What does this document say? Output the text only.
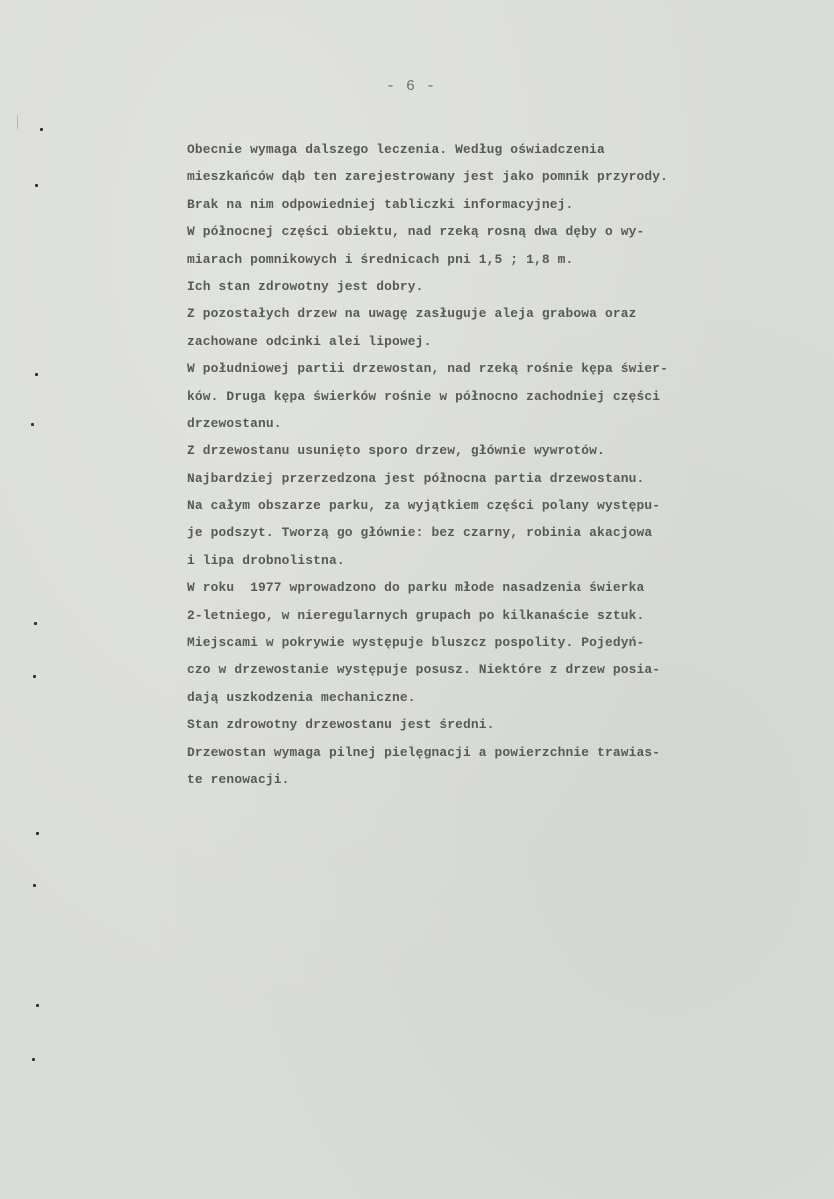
- 6 -
Obecnie wymaga dalszego leczenia. Według oświadczenia
mieszkańców dąb ten zarejestrowany jest jako pomnik przyrody.
Brak na nim odpowiedniej tabliczki informacyjnej.
W północnej części obiektu, nad rzeką rosną dwa dęby o wy-
miarach pomnikowych i średnicach pni 1,5 ; 1,8 m.
Ich stan zdrowotny jest dobry.
Z pozostałych drzew na uwagę zasługuje aleja grabowa oraz
zachowane odcinki alei lipowej.
W południowej partii drzewostan, nad rzeką rośnie kępa świer-
ków. Druga kępa świerków rośnie w północno zachodniej części
drzewostanu.
Z drzewostanu usunięto sporo drzew, głównie wywrotów.
Najbardziej przerzedzona jest północna partia drzewostanu.
Na całym obszarze parku, za wyjątkiem części polany występu-
je podszyt. Tworzą go głównie: bez czarny, robinia akacjowa
i lipa drobnolistna.
W roku  1977 wprowadzono do parku młode nasadzenia świerka
2-letniego, w nieregularnych grupach po kilkanaście sztuk.
Miejscami w pokrywie występuje bluszcz pospolity. Pojedyń-
czo w drzewostanie występuje posusz. Niektóre z drzew posia-
dają uszkodzenia mechaniczne.
Stan zdrowotny drzewostanu jest średni.
Drzewostan wymaga pilnej pielęgnacji a powierzchnie trawias-
te renowacji.
